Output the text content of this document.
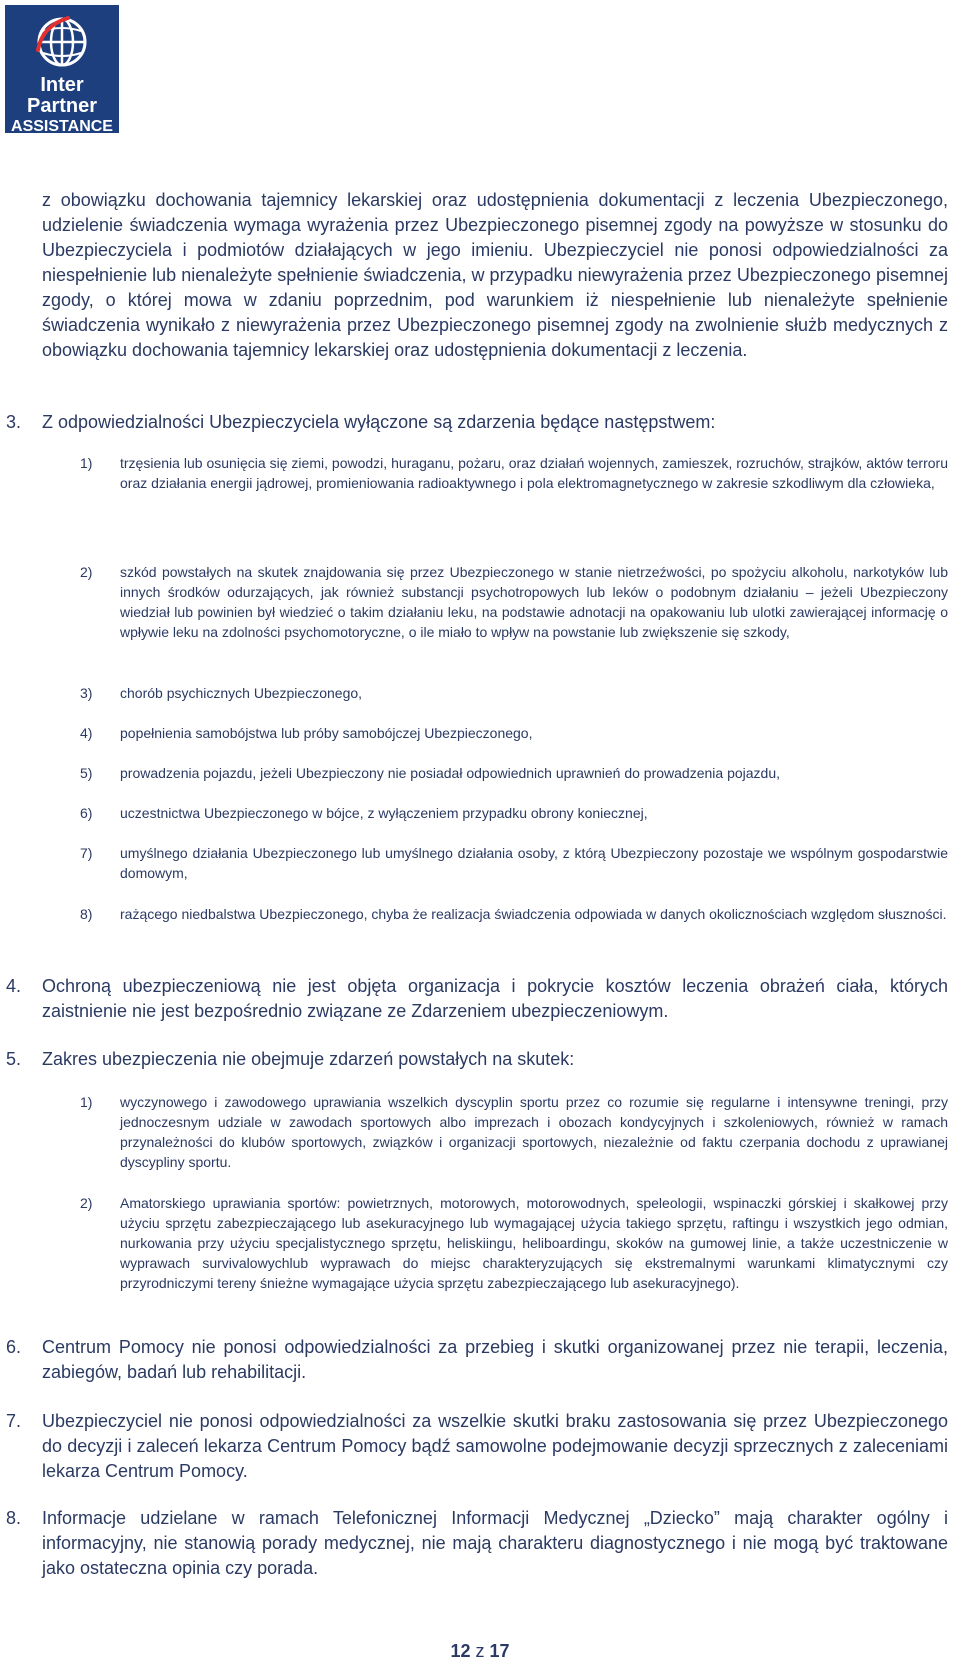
Inter
Partner
ASSISTANCE

z obowiązku dochowania tajemnicy lekarskiej oraz udostępnienia dokumentacji z leczenia Ubezpieczonego, udzielenie świadczenia wymaga wyrażenia przez Ubezpieczonego pisemnej zgody na powyższe w stosunku do Ubezpieczyciela i podmiotów działających w jego imieniu. Ubezpieczyciel nie ponosi odpowiedzialności za niespełnienie lub nienależyte spełnienie świadczenia, w przypadku niewyrażenia przez Ubezpieczonego pisemnej zgody, o której mowa w zdaniu poprzednim, pod warunkiem iż niespełnienie lub nienależyte spełnienie świadczenia wynikało z niewyrażenia przez Ubezpieczonego pisemnej zgody na zwolnienie służb medycznych z obowiązku dochowania tajemnicy lekarskiej oraz udostępnienia dokumentacji z leczenia.

3. Z odpowiedzialności Ubezpieczyciela wyłączone są zdarzenia będące następstwem:

1) trzęsienia lub osunięcia się ziemi, powodzi, huraganu, pożaru, oraz działań wojennych, zamieszek, rozruchów, strajków, aktów terroru oraz działania energii jądrowej, promieniowania radioaktywnego i pola elektromagnetycznego w zakresie szkodliwym dla człowieka,

2) szkód powstałych na skutek znajdowania się przez Ubezpieczonego w stanie nietrzeźwości, po spożyciu alkoholu, narkotyków lub innych środków odurzających, jak również substancji psychotropowych lub leków o podobnym działaniu – jeżeli Ubezpieczony wiedział lub powinien był wiedzieć o takim działaniu leku, na podstawie adnotacji na opakowaniu lub ulotki zawierającej informację o wpływie leku na zdolności psychomotoryczne, o ile miało to wpływ na powstanie lub zwiększenie się szkody,

3) chorób psychicznych Ubezpieczonego,

4) popełnienia samobójstwa lub próby samobójczej Ubezpieczonego,

5) prowadzenia pojazdu, jeżeli Ubezpieczony nie posiadał odpowiednich uprawnień do prowadzenia pojazdu,

6) uczestnictwa Ubezpieczonego w bójce, z wyłączeniem przypadku obrony koniecznej,

7) umyślnego działania Ubezpieczonego lub umyślnego działania osoby, z którą Ubezpieczony pozostaje we wspólnym gospodarstwie domowym,

8) rażącego niedbalstwa Ubezpieczonego, chyba że realizacja świadczenia odpowiada w danych okolicznościach względom słuszności.

4. Ochroną ubezpieczeniową nie jest objęta organizacja i pokrycie kosztów leczenia obrażeń ciała, których zaistnienie nie jest bezpośrednio związane ze Zdarzeniem ubezpieczeniowym.

5. Zakres ubezpieczenia nie obejmuje zdarzeń powstałych na skutek:

1) wyczynowego i zawodowego uprawiania wszelkich dyscyplin sportu przez co rozumie się regularne i intensywne treningi, przy jednoczesnym udziale w zawodach sportowych albo imprezach i obozach kondycyjnych i szkoleniowych, również w ramach przynależności do klubów sportowych, związków i organizacji sportowych, niezależnie od faktu czerpania dochodu z uprawianej dyscypliny sportu.

2) Amatorskiego uprawiania sportów: powietrznych, motorowych, motorowodnych, speleologii, wspinaczki górskiej i skałkowej przy użyciu sprzętu zabezpieczającego lub asekuracyjnego lub wymagającej użycia takiego sprzętu, raftingu i wszystkich jego odmian, nurkowania przy użyciu specjalistycznego sprzętu, heliskiingu, heliboardingu, skoków na gumowej linie, a także uczestniczenie w wyprawach survivalowychlub wyprawach do miejsc charakteryzujących się ekstremalnymi warunkami klimatycznymi czy przyrodniczymi tereny śnieżne wymagające użycia sprzętu zabezpieczającego lub asekuracyjnego).

6. Centrum Pomocy nie ponosi odpowiedzialności za przebieg i skutki organizowanej przez nie terapii, leczenia, zabiegów, badań lub rehabilitacji.

7. Ubezpieczyciel nie ponosi odpowiedzialności za wszelkie skutki braku zastosowania się przez Ubezpieczonego do decyzji i zaleceń lekarza Centrum Pomocy bądź samowolne podejmowanie decyzji sprzecznych z zaleceniami lekarza Centrum Pomocy.

8. Informacje udzielane w ramach Telefonicznej Informacji Medycznej „Dziecko” mają charakter ogólny i informacyjny, nie stanowią porady medycznej, nie mają charakteru diagnostycznego i nie mogą być traktowane jako ostateczna opinia czy porada.

12 z 17
